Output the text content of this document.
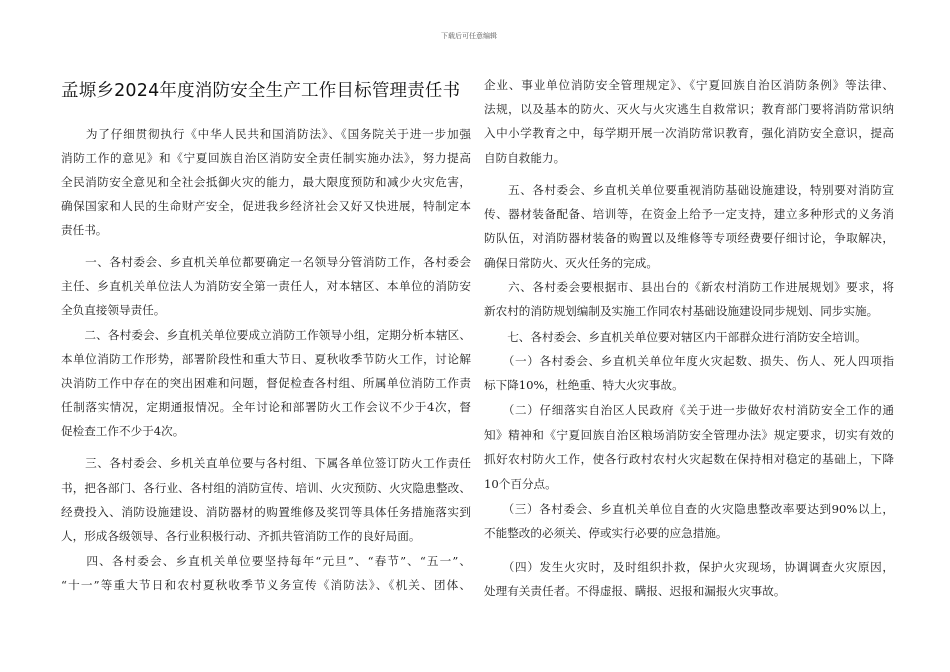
下载后可任意编辑
孟塬乡2024年度消防安全生产工作目标管理责任书
　　为了仔细贯彻执行《中华人民共和国消防法》、《国务院关于进一步加强
消防工作的意见》和《宁夏回族自治区消防安全责任制实施办法》，努力提高
全民消防安全意见和全社会抵御火灾的能力，最大限度预防和减少火灾危害，
确保国家和人民的生命财产安全，促进我乡经济社会又好又快进展，特制定本
责任书。
　　一、各村委会、乡直机关单位都要确定一名领导分管消防工作，各村委会
主任、乡直机关单位法人为消防安全第一责任人，对本辖区、本单位的消防安
全负直接领导责任。
　　二、各村委会、乡直机关单位要成立消防工作领导小组，定期分析本辖区、
本单位消防工作形势，部署阶段性和重大节日、夏秋收季节防火工作，讨论解
决消防工作中存在的突出困难和问题，督促检查各村组、所属单位消防工作责
任制落实情况，定期通报情况。全年讨论和部署防火工作会议不少于4次，督
促检查工作不少于4次。
　　三、各村委会、乡机关直单位要与各村组、下属各单位签订防火工作责任
书，把各部门、各行业、各村组的消防宣传、培训、火灾预防、火灾隐患整改、
经费投入、消防设施建设、消防器材的购置维修及奖罚等具体任务措施落实到
人，形成各级领导、各行业积极行动、齐抓共管消防工作的良好局面。
　　四、各村委会、乡直机关单位要坚持每年“元旦”、“春节”、“五一”、
“十一”等重大节日和农村夏秋收季节义务宣传《消防法》、《机关、团体、
企业、事业单位消防安全管理规定》、《宁夏回族自治区消防条例》等法律、
法规，以及基本的防火、灭火与火灾逃生自救常识；教育部门要将消防常识纳
入中小学教育之中，每学期开展一次消防常识教育，强化消防安全意识，提高
自防自救能力。
　　五、各村委会、乡直机关单位要重视消防基础设施建设，特别要对消防宣
传、器材装备配备、培训等，在资金上给予一定支持，建立多种形式的义务消
防队伍，对消防器材装备的购置以及维修等专项经费要仔细讨论，争取解决，
确保日常防火、灭火任务的完成。
　　六、各村委会要根据市、县出台的《新农村消防工作进展规划》要求，将
新农村的消防规划编制及实施工作同农村基础设施建设同步规划、同步实施。
　　七、各村委会、乡直机关单位要对辖区内干部群众进行消防安全培训。
　　（一）各村委会、乡直机关单位年度火灾起数、损失、伤人、死人四项指
标下降10%，杜绝重、特大火灾事故。
　　（二）仔细落实自治区人民政府《关于进一步做好农村消防安全工作的通
知》精神和《宁夏回族自治区粮场消防安全管理办法》规定要求，切实有效的
抓好农村防火工作，使各行政村农村火灾起数在保持相对稳定的基础上，下降
10个百分点。
　　（三）各村委会、乡直机关单位自查的火灾隐患整改率要达到90%以上，
不能整改的必须关、停或实行必要的应急措施。
　　（四）发生火灾时，及时组织扑救，保护火灾现场，协调调查火灾原因，
处理有关责任者。不得虚报、瞒报、迟报和漏报火灾事故。
